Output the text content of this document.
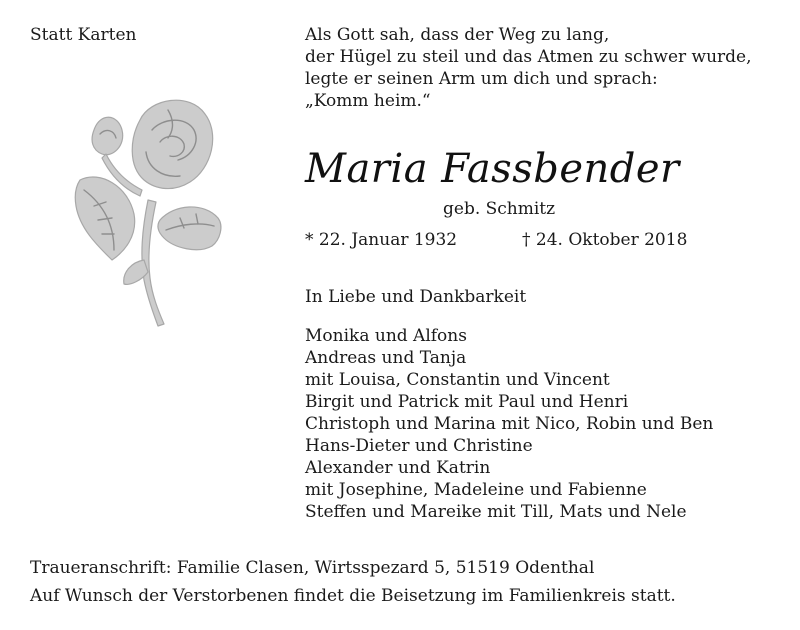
Statt Karten	Als Gott sah, dass der Weg zu lang,
der Hügel zu steil und das Atmen zu schwer wurde,
legte er seinen Arm um dich und sprach:
„Komm heim.“
Maria Fassbender
geb. Schmitz
* 22. Januar 1932	† 24. Oktober 2018
In Liebe und Dankbarkeit
Monika und Alfons
Andreas und Tanja
mit Louisa, Constantin und Vincent
Birgit und Patrick mit Paul und Henri
Christoph und Marina mit Nico, Robin und Ben
Hans-Dieter und Christine
Alexander und Katrin
mit Josephine, Madeleine und Fabienne
Steffen und Mareike mit Till, Mats und Nele
Traueranschrift: Familie Clasen, Wirtsspezard 5, 51519 Odenthal
Auf Wunsch der Verstorbenen findet die Beisetzung im Familienkreis statt.
